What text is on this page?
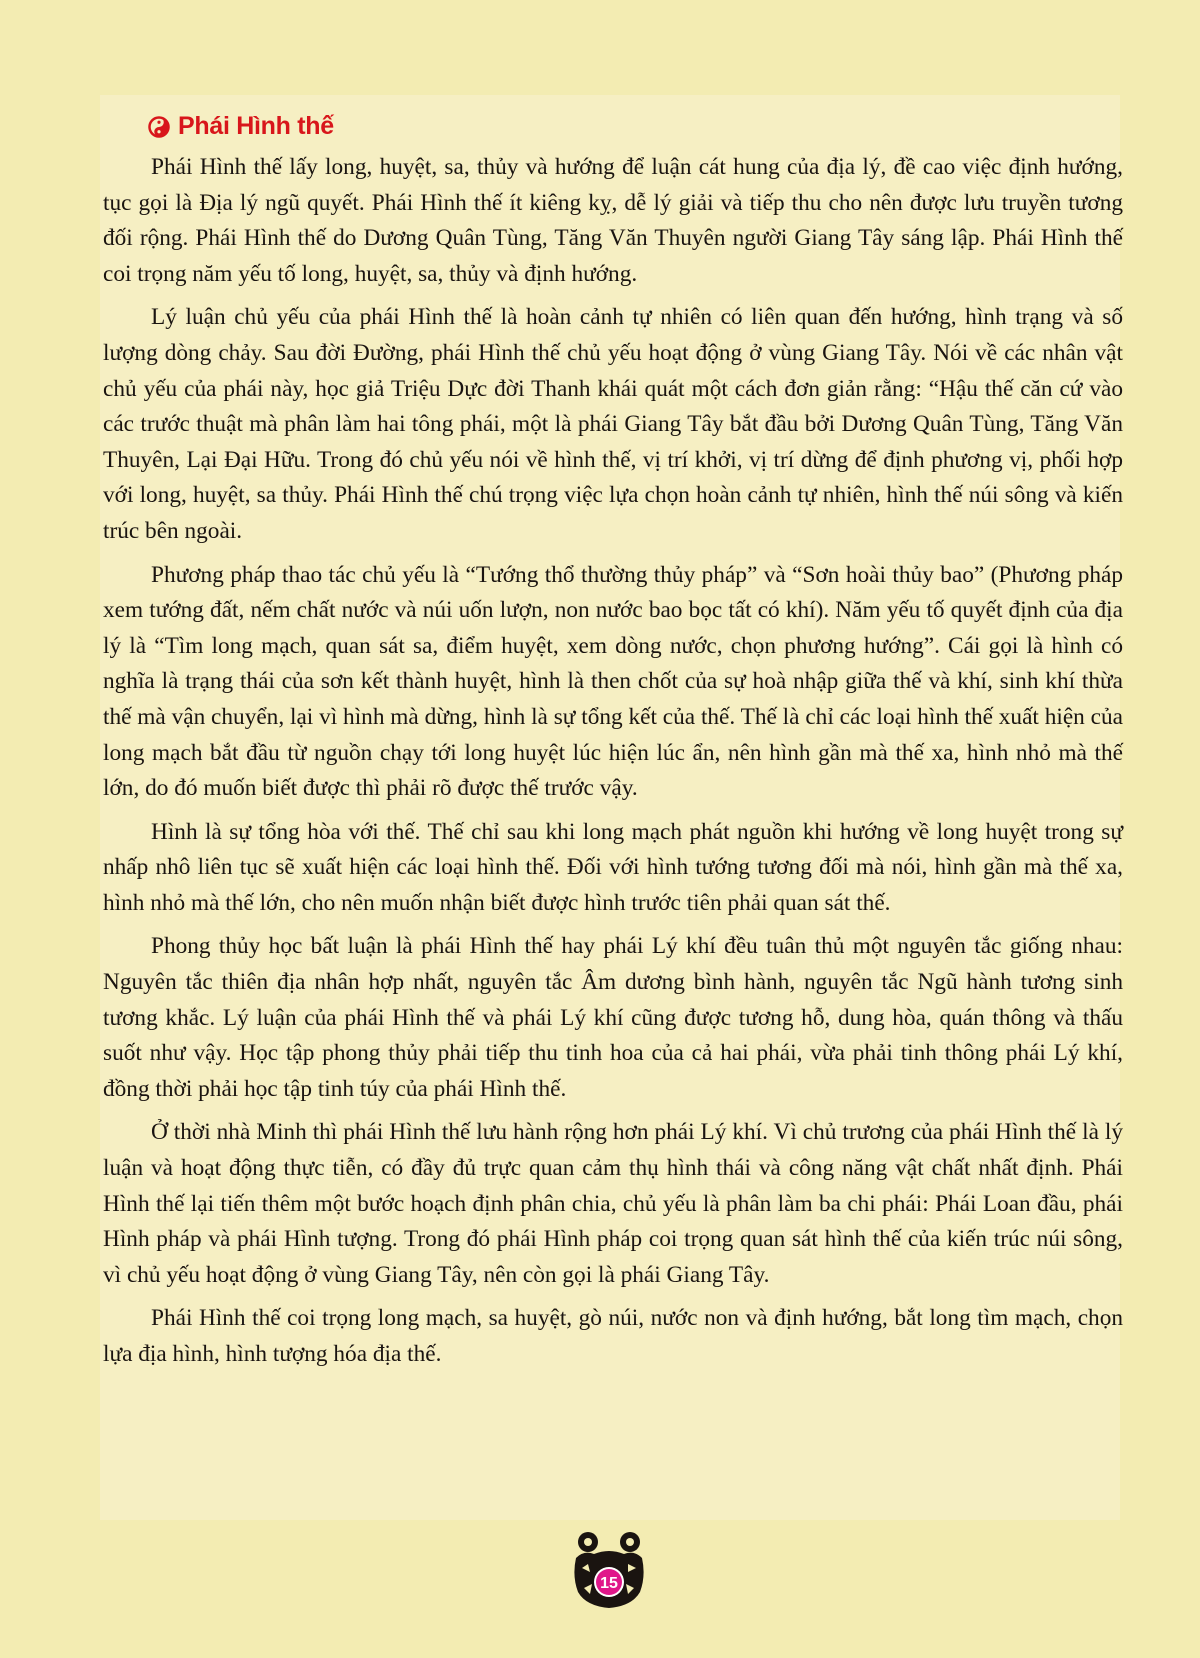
Phái Hình thế

Phái Hình thế lấy long, huyệt, sa, thủy và hướng để luận cát hung của địa lý, đề cao việc định hướng, tục gọi là Địa lý ngũ quyết. Phái Hình thế ít kiêng kỵ, dễ lý giải và tiếp thu cho nên được lưu truyền tương đối rộng. Phái Hình thế do Dương Quân Tùng, Tăng Văn Thuyên người Giang Tây sáng lập. Phái Hình thế coi trọng năm yếu tố long, huyệt, sa, thủy và định hướng.

Lý luận chủ yếu của phái Hình thế là hoàn cảnh tự nhiên có liên quan đến hướng, hình trạng và số lượng dòng chảy. Sau đời Đường, phái Hình thế chủ yếu hoạt động ở vùng Giang Tây. Nói về các nhân vật chủ yếu của phái này, học giả Triệu Dực đời Thanh khái quát một cách đơn giản rằng: “Hậu thế căn cứ vào các trước thuật mà phân làm hai tông phái, một là phái Giang Tây bắt đầu bởi Dương Quân Tùng, Tăng Văn Thuyên, Lại Đại Hữu. Trong đó chủ yếu nói về hình thế, vị trí khởi, vị trí dừng để định phương vị, phối hợp với long, huyệt, sa thủy. Phái Hình thế chú trọng việc lựa chọn hoàn cảnh tự nhiên, hình thế núi sông và kiến trúc bên ngoài.

Phương pháp thao tác chủ yếu là “Tướng thổ thường thủy pháp” và “Sơn hoài thủy bao” (Phương pháp xem tướng đất, nếm chất nước và núi uốn lượn, non nước bao bọc tất có khí). Năm yếu tố quyết định của địa lý là “Tìm long mạch, quan sát sa, điểm huyệt, xem dòng nước, chọn phương hướng”. Cái gọi là hình có nghĩa là trạng thái của sơn kết thành huyệt, hình là then chốt của sự hoà nhập giữa thế và khí, sinh khí thừa thế mà vận chuyển, lại vì hình mà dừng, hình là sự tổng kết của thế. Thế là chỉ các loại hình thế xuất hiện của long mạch bắt đầu từ nguồn chạy tới long huyệt lúc hiện lúc ẩn, nên hình gần mà thế xa, hình nhỏ mà thế lớn, do đó muốn biết được thì phải rõ được thế trước vậy.

Hình là sự tổng hòa với thế. Thế chỉ sau khi long mạch phát nguồn khi hướng về long huyệt trong sự nhấp nhô liên tục sẽ xuất hiện các loại hình thế. Đối với hình tướng tương đối mà nói, hình gần mà thế xa, hình nhỏ mà thế lớn, cho nên muốn nhận biết được hình trước tiên phải quan sát thế.

Phong thủy học bất luận là phái Hình thế hay phái Lý khí đều tuân thủ một nguyên tắc giống nhau: Nguyên tắc thiên địa nhân hợp nhất, nguyên tắc Âm dương bình hành, nguyên tắc Ngũ hành tương sinh tương khắc. Lý luận của phái Hình thế và phái Lý khí cũng được tương hỗ, dung hòa, quán thông và thấu suốt như vậy. Học tập phong thủy phải tiếp thu tinh hoa của cả hai phái, vừa phải tinh thông phái Lý khí, đồng thời phải học tập tinh túy của phái Hình thế.

Ở thời nhà Minh thì phái Hình thế lưu hành rộng hơn phái Lý khí. Vì chủ trương của phái Hình thế là lý luận và hoạt động thực tiễn, có đầy đủ trực quan cảm thụ hình thái và công năng vật chất nhất định. Phái Hình thế lại tiến thêm một bước hoạch định phân chia, chủ yếu là phân làm ba chi phái: Phái Loan đầu, phái Hình pháp và phái Hình tượng. Trong đó phái Hình pháp coi trọng quan sát hình thế của kiến trúc núi sông, vì chủ yếu hoạt động ở vùng Giang Tây, nên còn gọi là phái Giang Tây.

Phái Hình thế coi trọng long mạch, sa huyệt, gò núi, nước non và định hướng, bắt long tìm mạch, chọn lựa địa hình, hình tượng hóa địa thế.

15
